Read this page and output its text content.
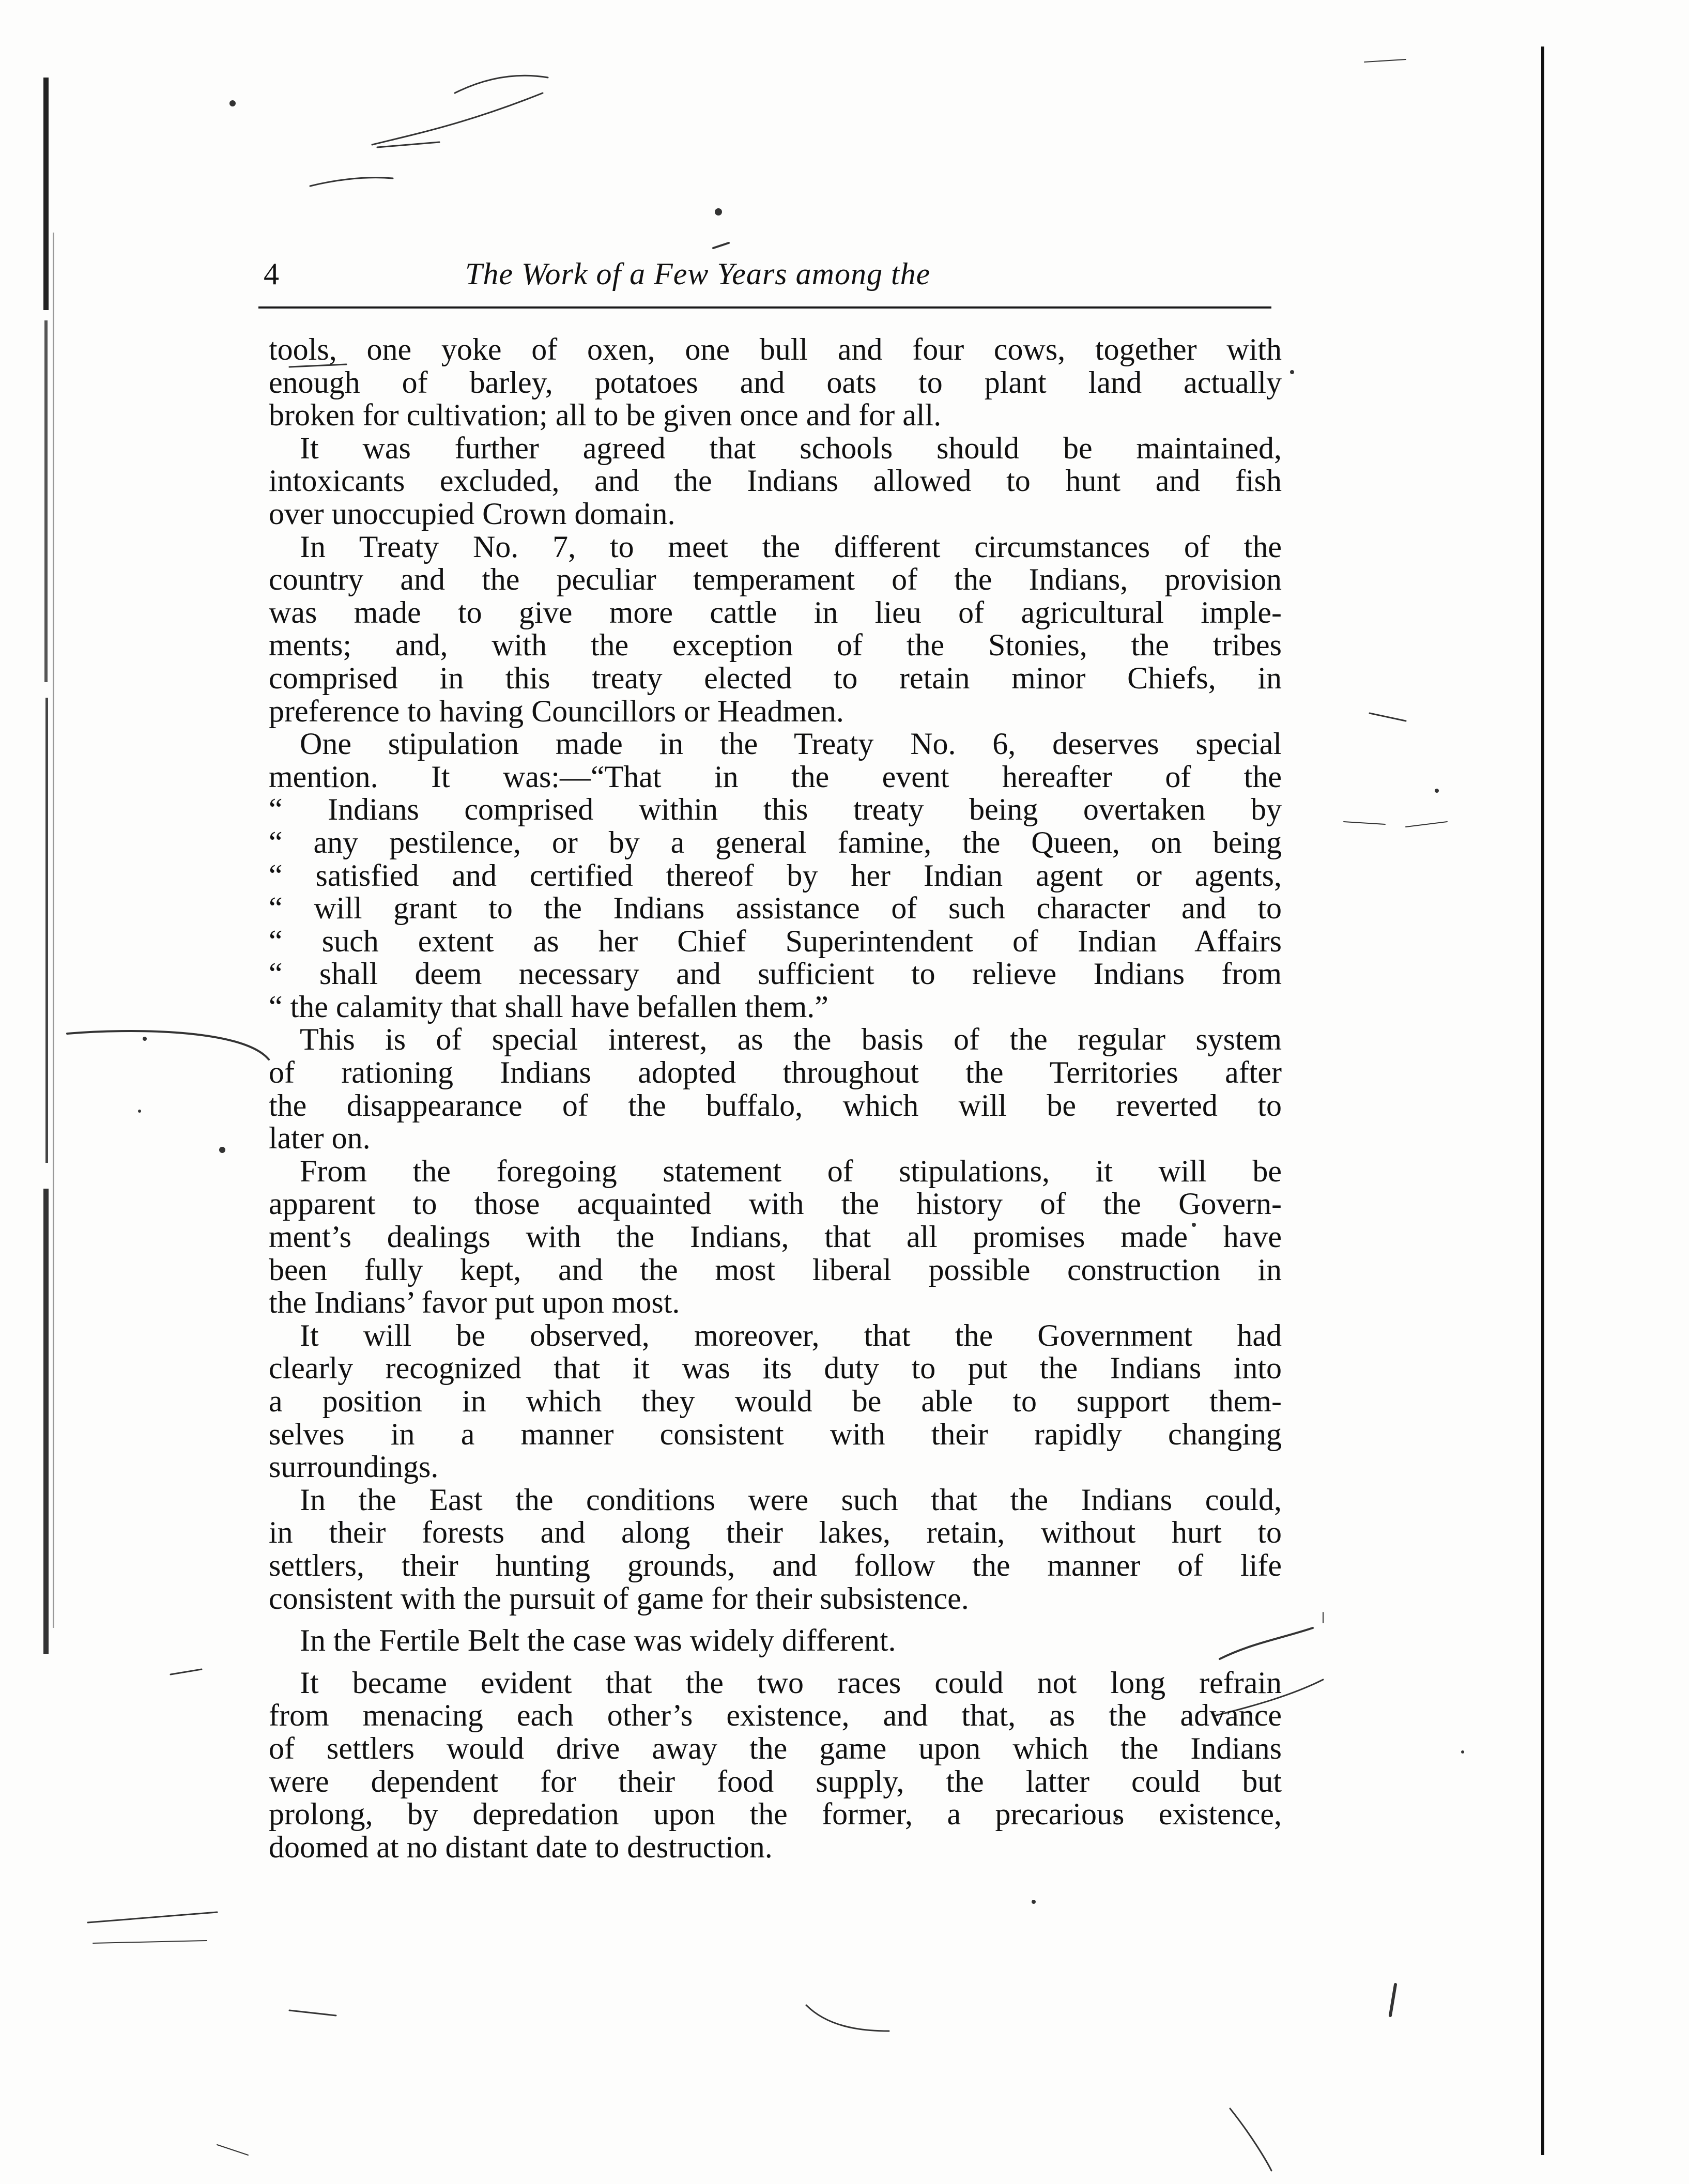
4	The Work of a Few Years among the
tools, one yoke of oxen, one bull and four cows, together with
enough of barley, potatoes and oats to plant land actually
broken for cultivation; all to be given once and for all.
It was further agreed that schools should be maintained,
intoxicants excluded, and the Indians allowed to hunt and fish
over unoccupied Crown domain.
In Treaty No. 7, to meet the different circumstances of the
country and the peculiar temperament of the Indians, provision
was made to give more cattle in lieu of agricultural imple-
ments; and, with the exception of the Stonies, the tribes
comprised in this treaty elected to retain minor Chiefs, in
preference to having Councillors or Headmen.
One stipulation made in the Treaty No. 6, deserves special
mention. It was:—“That in the event hereafter of the
“ Indians comprised within this treaty being overtaken by
“ any pestilence, or by a general famine, the Queen, on being
“ satisfied and certified thereof by her Indian agent or agents,
“ will grant to the Indians assistance of such character and to
“ such extent as her Chief Superintendent of Indian Affairs
“ shall deem necessary and sufficient to relieve Indians from
“ the calamity that shall have befallen them.”
This is of special interest, as the basis of the regular system
of rationing Indians adopted throughout the Territories after
the disappearance of the buffalo, which will be reverted to
later on.
From the foregoing statement of stipulations, it will be
apparent to those acquainted with the history of the Govern-
ment’s dealings with the Indians, that all promises made have
been fully kept, and the most liberal possible construction in
the Indians’ favor put upon most.
It will be observed, moreover, that the Government had
clearly recognized that it was its duty to put the Indians into
a position in which they would be able to support them-
selves in a manner consistent with their rapidly changing
surroundings.
In the East the conditions were such that the Indians could,
in their forests and along their lakes, retain, without hurt to
settlers, their hunting grounds, and follow the manner of life
consistent with the pursuit of game for their subsistence.
In the Fertile Belt the case was widely different.
It became evident that the two races could not long refrain
from menacing each other’s existence, and that, as the advance
of settlers would drive away the game upon which the Indians
were dependent for their food supply, the latter could but
prolong, by depredation upon the former, a precarious existence,
doomed at no distant date to destruction.
